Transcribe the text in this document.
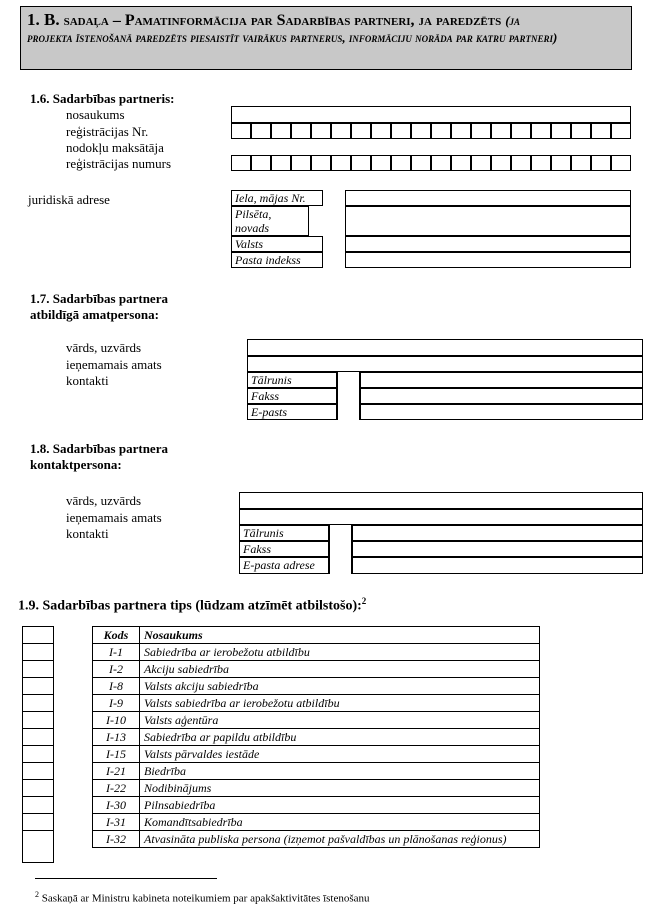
1. B. sadaļa – Pamatinformācija par Sadarbības partneri, ja paredzēts (ja
projekta īstenošanā paredzēts piesaistīt vairākus partnerus, informāciju norāda par katru partneri)
1.6. Sadarbības partneris:
nosaukums
reģistrācijas Nr.
nodokļu maksātāja
reģistrācijas numurs
juridiskā adrese	Iela, mājas Nr.
Pilsēta, novads
Valsts
Pasta indekss
1.7. Sadarbības partnera
atbildīgā amatpersona:
vārds, uzvārds
ieņemamais amats
kontakti	Tālrunis
Fakss
E-pasts
1.8. Sadarbības partnera
kontaktpersona:
vārds, uzvārds
ieņemamais amats
kontakti	Tālrunis
Fakss
E-pasta adrese
1.9. Sadarbības partnera tips (lūdzam atzīmēt atbilstošo):$^2$

Kods	Nosaukums
I-1	Sabiedrība ar ierobežotu atbildību
I-2	Akciju sabiedrība
I-8	Valsts akciju sabiedrība
I-9	Valsts sabiedrība ar ierobežotu atbildību
I-10	Valsts aģentūra
I-13	Sabiedrība ar papildu atbildību
I-15	Valsts pārvaldes iestāde
I-21	Biedrība
I-22	Nodibinājums
I-30	Pilnsabiedrība
I-31	Komandītsabiedrība
I-32	Atvasināta publiska persona (izņemot pašvaldības un plānošanas reģionus)
$^2$ Saskaņā ar Ministru kabineta noteikumiem par apakšaktivitātes īstenošanu
